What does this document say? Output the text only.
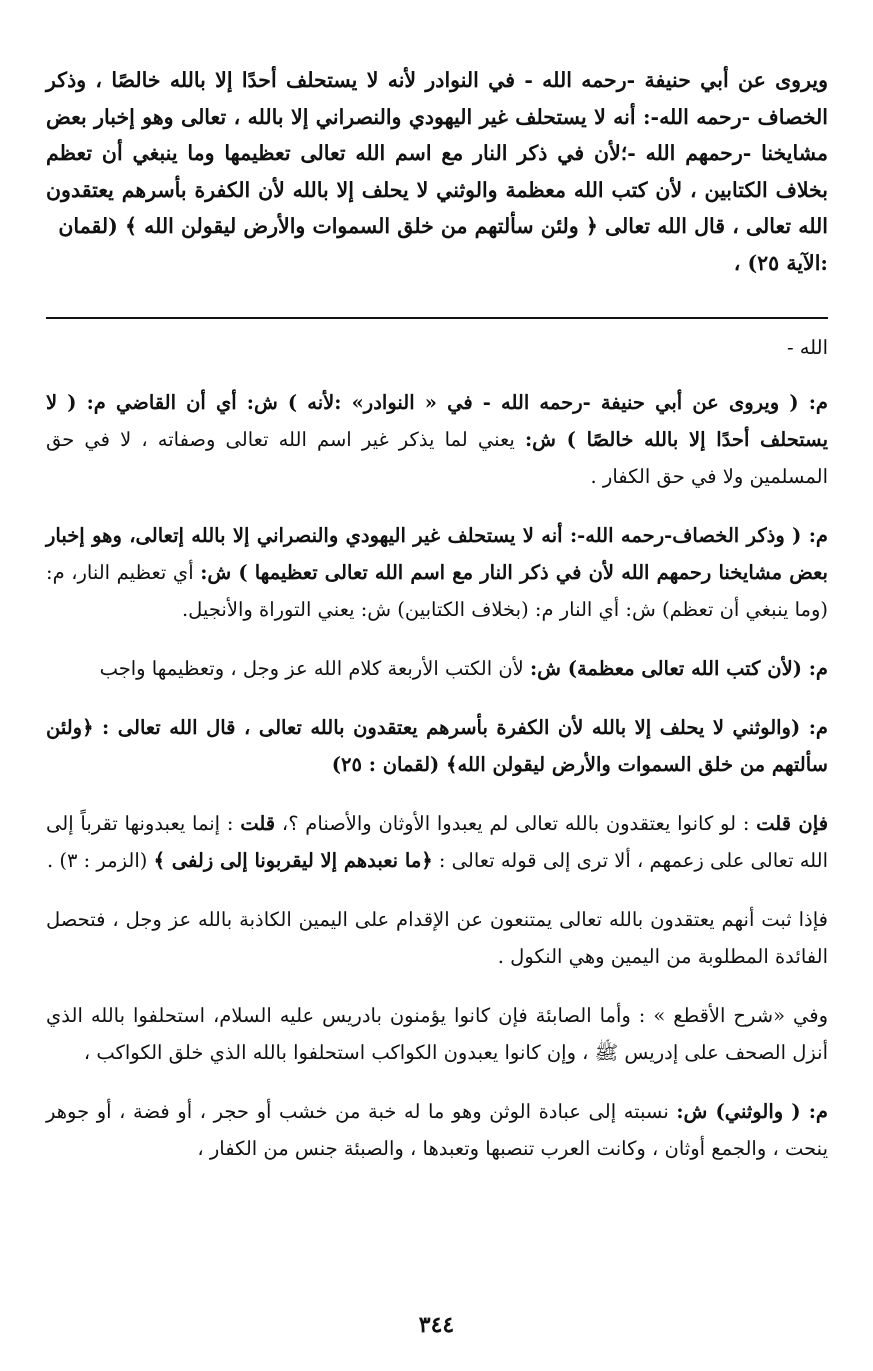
ويروى عن أبي حنيفة -رحمه الله - في النوادر لأنه لا يستحلف أحدًا إلا بالله خالصًا ، وذكر الخصاف -رحمه الله-: أنه لا يستحلف غير اليهودي والنصراني إلا بالله ، تعالى وهو إخبار بعض مشايخنا -رحمهم الله -؛لأن في ذكر النار مع اسم الله تعالى تعظيمها وما ينبغي أن تعظم بخلاف الكتابين ، لأن كتب الله معظمة والوثني لا يحلف إلا بالله لأن الكفرة بأسرهم يعتقدون الله تعالى ، قال الله تعالى ﴿ ولئن سألتهم من خلق السموات والأرض ليقولن الله ﴾ (لقمان
:الآية ٢٥) ،

الله -

م: ( ويروى عن أبي حنيفة -رحمه الله - في « النوادر» :لأنه ) ش: أي أن القاضي م: ( لا يستحلف أحدًا إلا بالله خالصًا ) ش: يعني لما يذكر غير اسم الله تعالى وصفاته ، لا في حق المسلمين ولا في حق الكفار .

م: ( وذكر الخصاف-رحمه الله-: أنه لا يستحلف غير اليهودي والنصراني إلا بالله إتعالى، وهو إخبار بعض مشايخنا رحمهم الله لأن في ذكر النار مع اسم الله تعالى تعظيمها ) ش: أي تعظيم النار، م: (وما ينبغي أن تعظم) ش: أي النار م: (بخلاف الكتابين) ش: يعني التوراة والأنجيل.

م: (لأن كتب الله تعالى معظمة) ش: لأن الكتب الأربعة كلام الله عز وجل ، وتعظيمها واجب

م: (والوثني لا يحلف إلا بالله لأن الكفرة بأسرهم يعتقدون بالله تعالى ، قال الله تعالى : ﴿ولئن سألتهم من خلق السموات والأرض ليقولن الله﴾ (لقمان : ٢٥)

فإن قلت : لو كانوا يعتقدون بالله تعالى لم يعبدوا الأوثان والأصنام ؟، قلت : إنما يعبدونها تقرباً إلى الله تعالى على زعمهم ، ألا ترى إلى قوله تعالى : ﴿ما نعبدهم إلا ليقربونا إلى زلفى ﴾ (الزمر : ٣) .

فإذا ثبت أنهم يعتقدون بالله تعالى يمتنعون عن الإقدام على اليمين الكاذبة بالله عز وجل ، فتحصل الفائدة المطلوبة من اليمين وهي النكول .

وفي «شرح الأقطع » : وأما الصابئة فإن كانوا يؤمنون بادريس عليه السلام، استحلفوا بالله الذي أنزل الصحف على إدريس ﷺ ، وإن كانوا يعبدون الكواكب استحلفوا بالله الذي خلق الكواكب ،

م: ( والوثني) ش: نسبته إلى عبادة الوثن وهو ما له خبة من خشب أو حجر ، أو فضة ، أو جوهر ينحت ، والجمع أوثان ، وكانت العرب تنصبها وتعبدها ، والصبئة جنس من الكفار ،

٣٤٤
